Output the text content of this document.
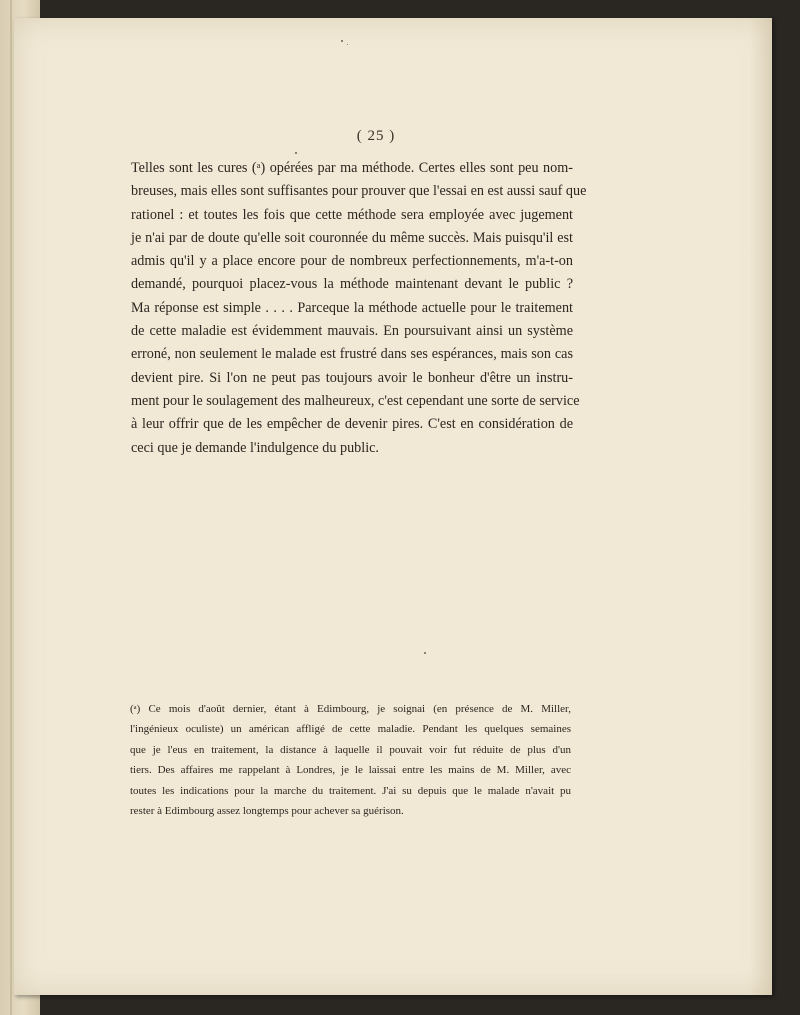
( 25 )
Telles sont les cures (ᵃ) opérées par ma méthode. Certes elles sont peu nom-
breuses, mais elles sont suffisantes pour prouver que l'essai en est aussi sauf que
rationel : et toutes les fois que cette méthode sera employée avec jugement
je n'ai par de doute qu'elle soit couronnée du même succès. Mais puisqu'il est
admis qu'il y a place encore pour de nombreux perfectionnements, m'a-t-on
demandé, pourquoi placez-vous la méthode maintenant devant le public ?
Ma réponse est simple . . . . Parceque la méthode actuelle pour le traitement
de cette maladie est évidemment mauvais. En poursuivant ainsi un système
erroné, non seulement le malade est frustré dans ses espérances, mais son cas
devient pire. Si l'on ne peut pas toujours avoir le bonheur d'être un instru-
ment pour le soulagement des malheureux, c'est cependant une sorte de service
à leur offrir que de les empêcher de devenir pires. C'est en considération de
ceci que je demande l'indulgence du public.
(ᵃ) Ce mois d'août dernier, étant à Edimbourg, je soignai (en présence de M. Miller,
l'ingénieux oculiste) un américan affligé de cette maladie. Pendant les quelques semaines
que je l'eus en traitement, la distance à laquelle il pouvait voir fut réduite de plus d'un
tiers. Des affaires me rappelant à Londres, je le laissai entre les mains de M. Miller, avec
toutes les indications pour la marche du traitement. J'ai su depuis que le malade n'avait pu
rester à Edimbourg assez longtemps pour achever sa guérison.
